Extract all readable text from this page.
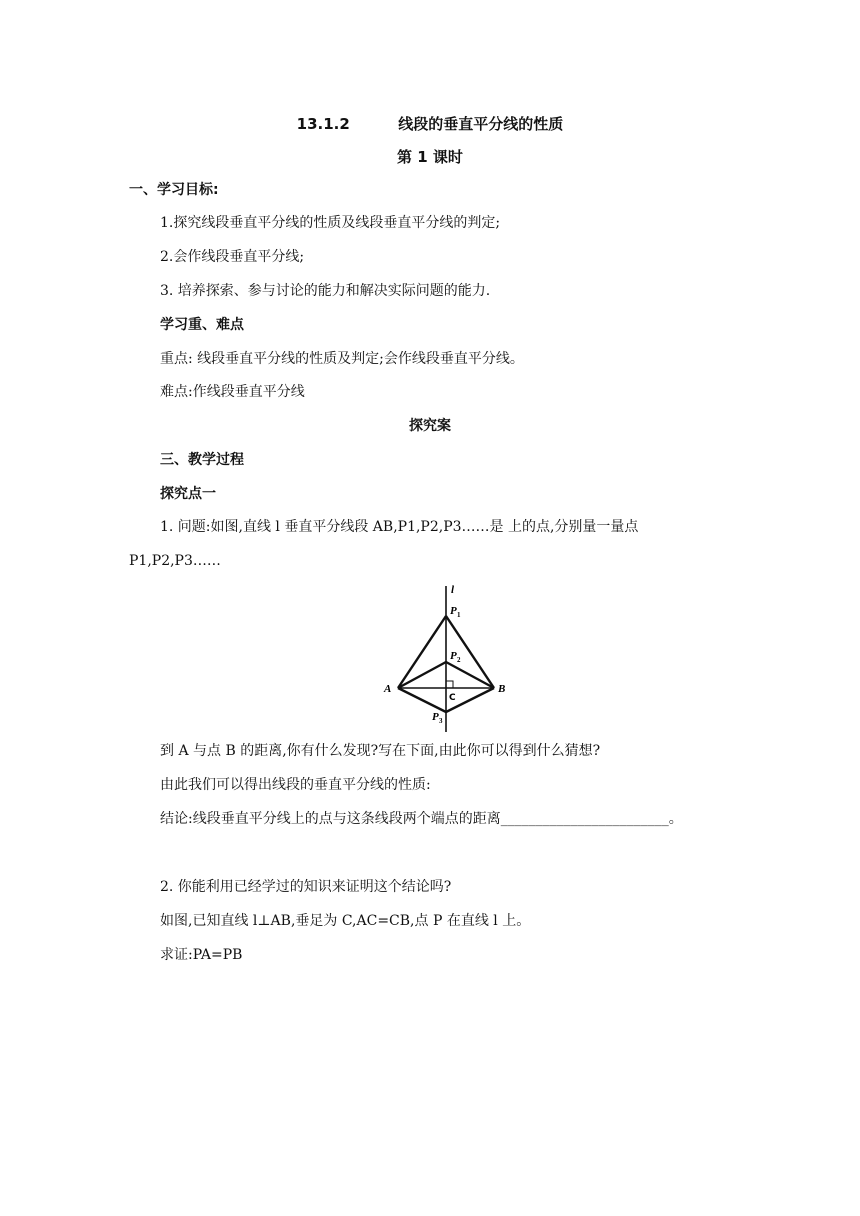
13.1.2	线段的垂直平分线的性质
第 1 课时
一、学习目标:
1.探究线段垂直平分线的性质及线段垂直平分线的判定;
2.会作线段垂直平分线;
3. 培养探索、参与讨论的能力和解决实际问题的能力.
学习重、难点
重点: 线段垂直平分线的性质及判定;会作线段垂直平分线。
难点:作线段垂直平分线
探究案
三、教学过程
探究点一
1. 问题:如图,直线 l 垂直平分线段 AB,P1,P2,P3……是 上的点,分别量一量点
P1,P2,P3……
l
P 1
P 2
A	B
C
P 3
到 A 与点 B 的距离,你有什么发现?写在下面,由此你可以得到什么猜想?
由此我们可以得出线段的垂直平分线的性质:
结论:线段垂直平分线上的点与这条线段两个端点的距离________________________。
2. 你能利用已经学过的知识来证明这个结论吗?
如图,已知直线 l⊥AB,垂足为 C,AC=CB,点 P 在直线 l 上。
求证:PA=PB
